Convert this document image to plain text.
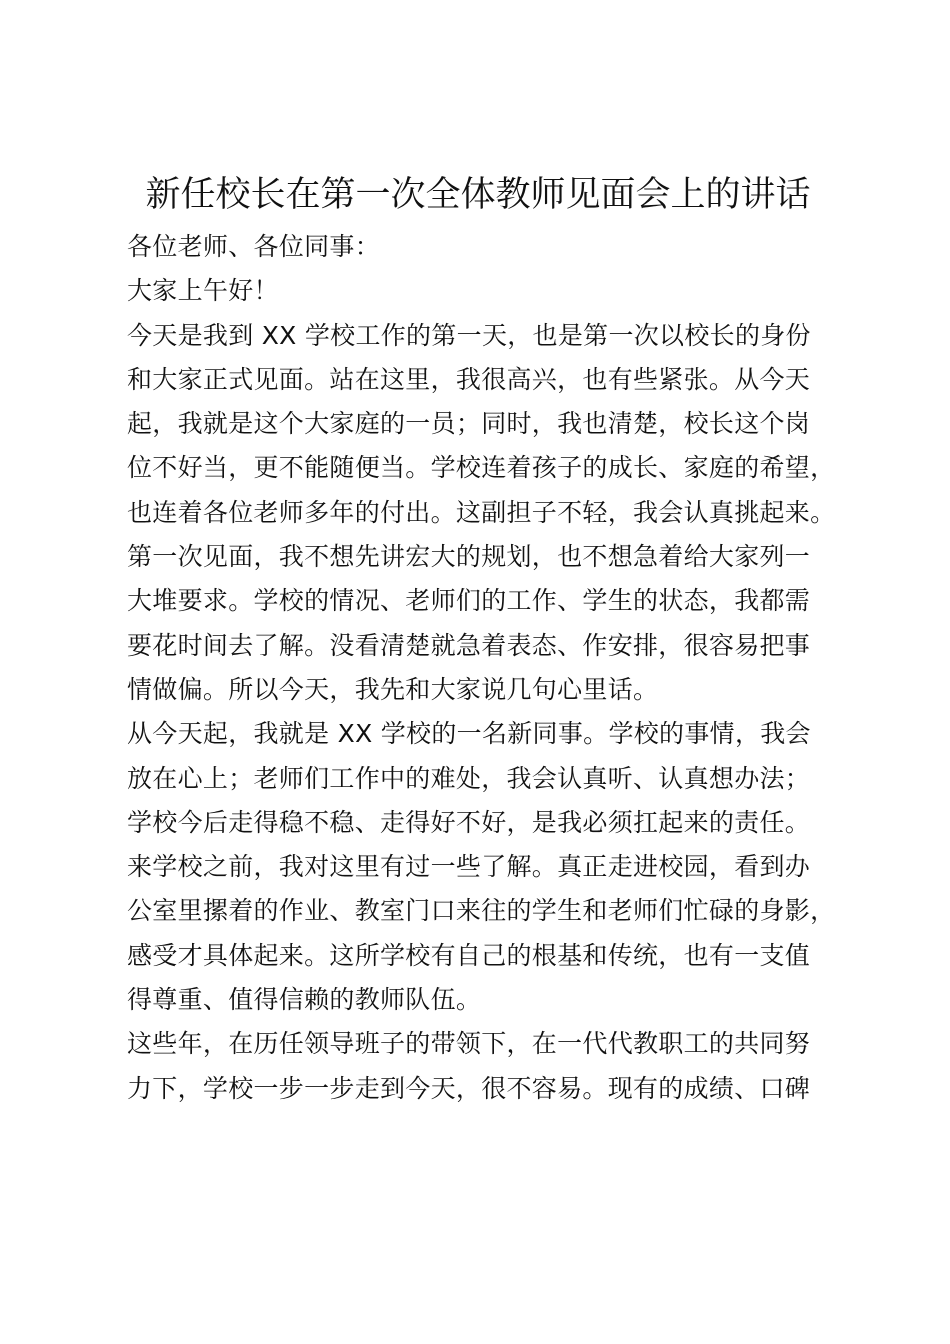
新任校长在第一次全体教师见面会上的讲话
各位老师、各位同事：
大家上午好！
今天是我到 XX 学校工作的第一天，也是第一次以校长的身份
和大家正式见面。站在这里，我很高兴，也有些紧张。从今天
起，我就是这个大家庭的一员；同时，我也清楚，校长这个岗
位不好当，更不能随便当。学校连着孩子的成长、家庭的希望，
也连着各位老师多年的付出。这副担子不轻，我会认真挑起来。
第一次见面，我不想先讲宏大的规划，也不想急着给大家列一
大堆要求。学校的情况、老师们的工作、学生的状态，我都需
要花时间去了解。没看清楚就急着表态、作安排，很容易把事
情做偏。所以今天，我先和大家说几句心里话。
从今天起，我就是 XX 学校的一名新同事。学校的事情，我会
放在心上；老师们工作中的难处，我会认真听、认真想办法；
学校今后走得稳不稳、走得好不好，是我必须扛起来的责任。
来学校之前，我对这里有过一些了解。真正走进校园，看到办
公室里摞着的作业、教室门口来往的学生和老师们忙碌的身影，
感受才具体起来。这所学校有自己的根基和传统，也有一支值
得尊重、值得信赖的教师队伍。
这些年，在历任领导班子的带领下，在一代代教职工的共同努
力下，学校一步一步走到今天，很不容易。现有的成绩、口碑
